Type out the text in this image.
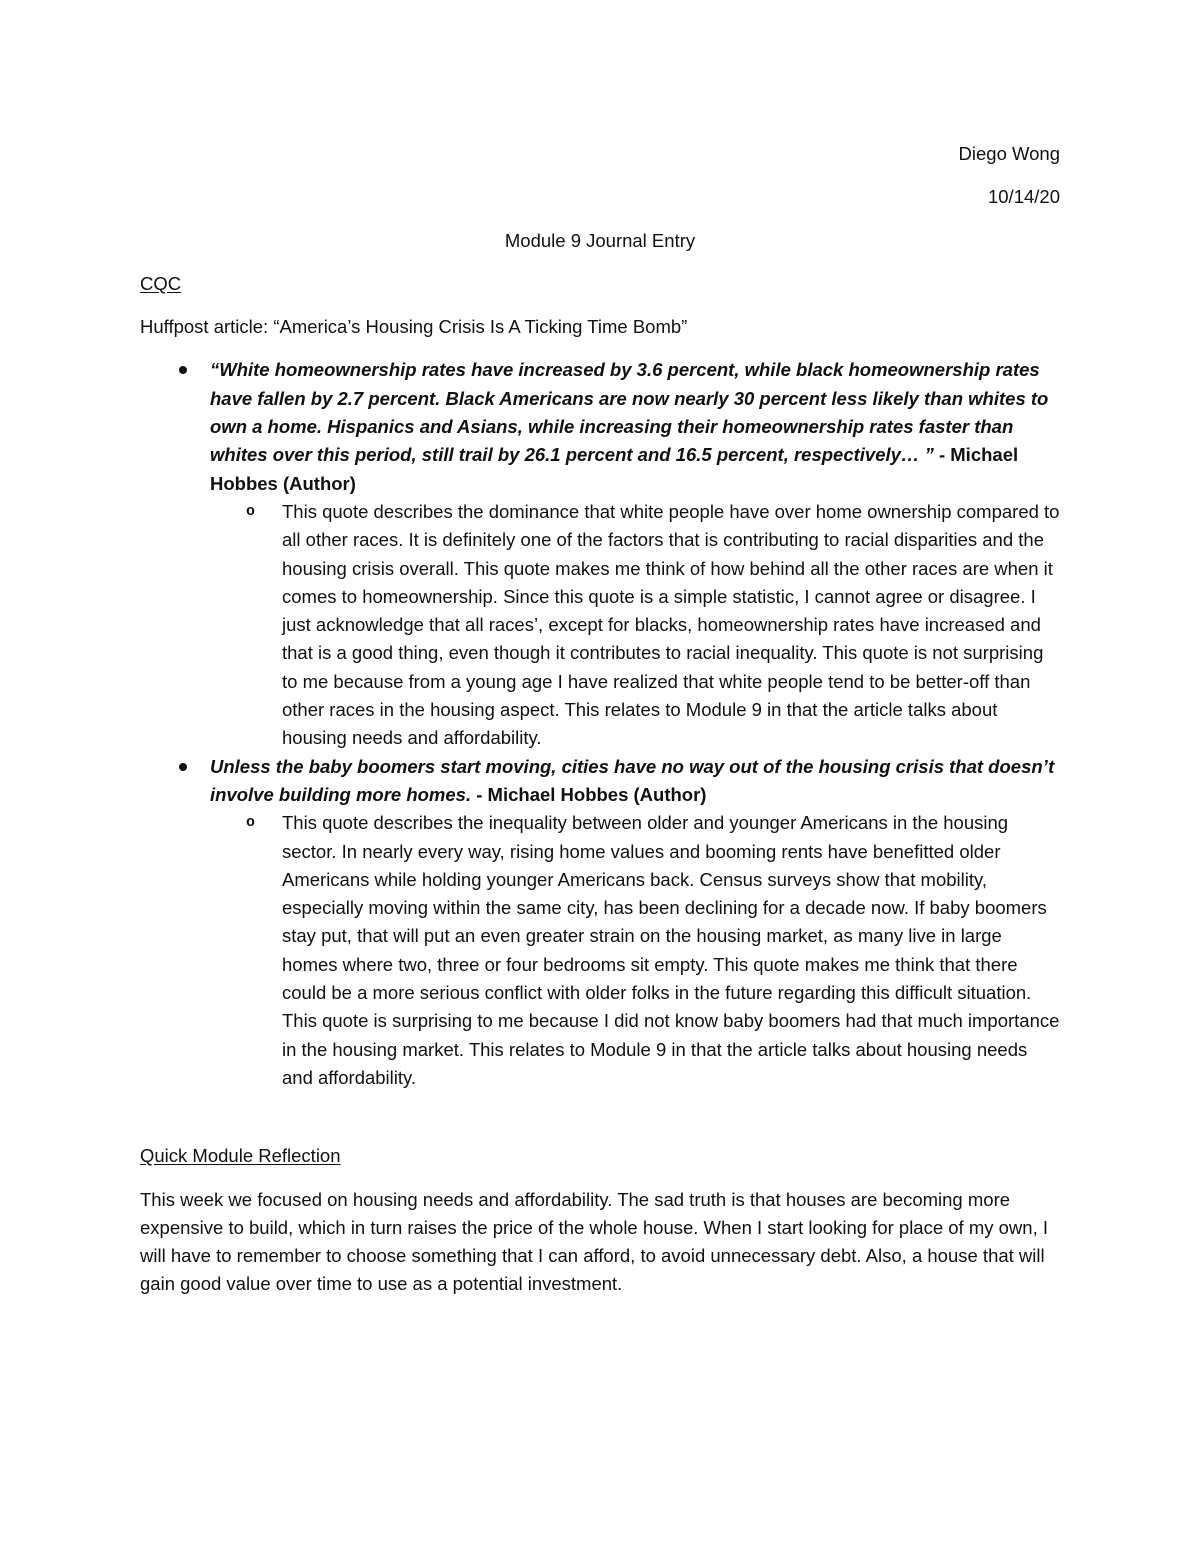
Diego Wong

10/14/20

Module 9 Journal Entry

CQC

Huffpost article: “America’s Housing Crisis Is A Ticking Time Bomb”

“White homeownership rates have increased by 3.6 percent, while black homeownership rates have fallen by 2.7 percent. Black Americans are now nearly 30 percent less likely than whites to own a home. Hispanics and Asians, while increasing their homeownership rates faster than whites over this period, still trail by 26.1 percent and 16.5 percent, respectively… ” - Michael Hobbes (Author)

o This quote describes the dominance that white people have over home ownership compared to all other races. It is definitely one of the factors that is contributing to racial disparities and the housing crisis overall. This quote makes me think of how behind all the other races are when it comes to homeownership. Since this quote is a simple statistic, I cannot agree or disagree. I just acknowledge that all races’, except for blacks, homeownership rates have increased and that is a good thing, even though it contributes to racial inequality. This quote is not surprising to me because from a young age I have realized that white people tend to be better-off than other races in the housing aspect. This relates to Module 9 in that the article talks about housing needs and affordability.

Unless the baby boomers start moving, cities have no way out of the housing crisis that doesn’t involve building more homes. - Michael Hobbes (Author)

o This quote describes the inequality between older and younger Americans in the housing sector. In nearly every way, rising home values and booming rents have benefitted older Americans while holding younger Americans back. Census surveys show that mobility, especially moving within the same city, has been declining for a decade now. If baby boomers stay put, that will put an even greater strain on the housing market, as many live in large homes where two, three or four bedrooms sit empty. This quote makes me think that there could be a more serious conflict with older folks in the future regarding this difficult situation. This quote is surprising to me because I did not know baby boomers had that much importance in the housing market. This relates to Module 9 in that the article talks about housing needs and affordability.

Quick Module Reflection

This week we focused on housing needs and affordability. The sad truth is that houses are becoming more expensive to build, which in turn raises the price of the whole house. When I start looking for place of my own, I will have to remember to choose something that I can afford, to avoid unnecessary debt. Also, a house that will gain good value over time to use as a potential investment.
